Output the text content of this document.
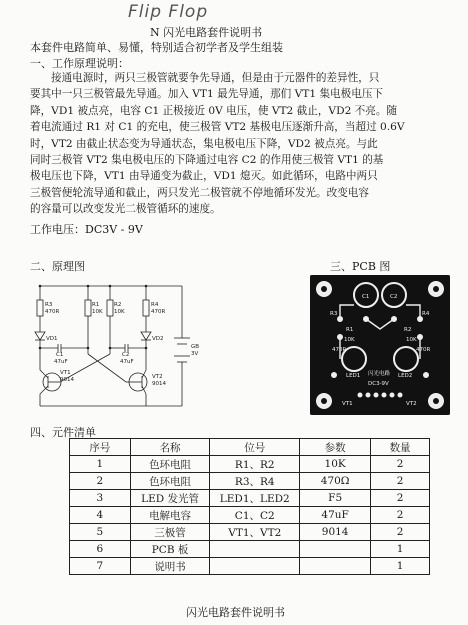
Flip Flop
N 闪光电路套件说明书
本套件电路简单、易懂，特别适合初学者及学生组装
一、工作原理说明：

接通电源时，两只三极管就要争先导通，但是由于元器件的差异性，只

要其中一只三极管最先导通。加入 VT1 最先导通，那们 VT1 集电极电压下

降，VD1 被点亮，电容 C1 正极接近 0V 电压，使 VT2 截止，VD2 不亮。随

着电流通过 R1 对 C1 的充电，使三极管 VT2 基极电压逐渐升高，当超过 0.6V

时，VT2 由截止状态变为导通状态，集电极电压下降，VD2 被点亮。与此

同时三极管 VT2 集电极电压的下降通过电容 C2 的作用使三极管 VT1 的基

极电压也下降，VT1 由导通变为截止，VD1 熄灭。如此循环，电路中两只

三极管便轮流导通和截止，两只发光二极管就不停地循环发光。改变电容

的容量可以改变发光二极管循环的速度。

工作电压：DC3V - 9V
二、原理图	三、PCB 图
R3
470R
R1
10K
R2
10K
R4
470R
VD1	VD2
C1
47uF
C2
47uF
GB
3V
VT1
9014	VT2
9014
R3	R4
R1	R2
C1	C2
470R	470R
10K	10K
LED1	LED2
闪光电路
DC3-9V
VT1	VT2
四、元件清单
序号	名称	位号	参数	数量
1	色环电阻	R1、R2	10K	2
2	色环电阻	R3、R4	470Ω	2
3	LED 发光管	LED1、LED2	F5	2
4	电解电容	C1、C2	47uF	2
5	三极管	VT1、VT2	9014	2
6	PCB 板			1
7	说明书			1
闪光电路套件说明书
